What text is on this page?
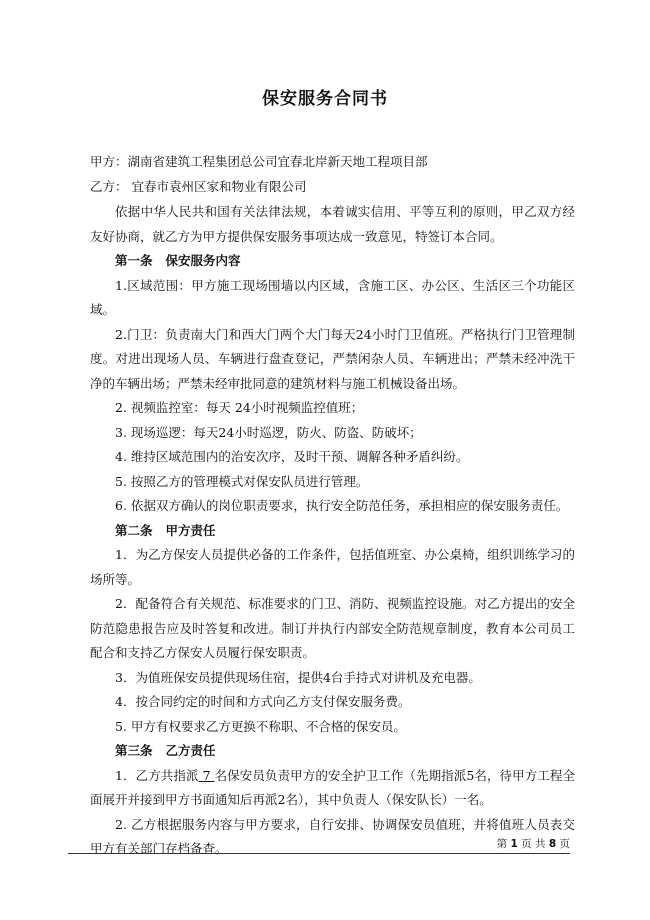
保安服务合同书

甲方：湖南省建筑工程集团总公司宜春北岸新天地工程项目部

乙方： 宜春市袁州区家和物业有限公司

依据中华人民共和国有关法律法规，本着诚实信用、平等互利的原则，甲乙双方经友好协商，就乙方为甲方提供保安服务事项达成一致意见，特签订本合同。

第一条   保安服务内容

1.区域范围：甲方施工现场围墙以内区域，含施工区、办公区、生活区三个功能区域。

2.门卫：负责南大门和西大门两个大门每天24小时门卫值班。严格执行门卫管理制度。对进出现场人员、车辆进行盘查登记，严禁闲杂人员、车辆进出；严禁未经冲洗干净的车辆出场；严禁未经审批同意的建筑材料与施工机械设备出场。

2. 视频监控室：每天 24小时视频监控值班；

3. 现场巡逻：每天24小时巡逻，防火、防盗、防破坏；

4. 维持区域范围内的治安次序，及时干预、调解各种矛盾纠纷。

5. 按照乙方的管理模式对保安队员进行管理。

6. 依据双方确认的岗位职责要求，执行安全防范任务，承担相应的保安服务责任。

第二条   甲方责任

1．为乙方保安人员提供必备的工作条件，包括值班室、办公桌椅，组织训练学习的场所等。

2．配备符合有关规范、标准要求的门卫、消防、视频监控设施。对乙方提出的安全防范隐患报告应及时答复和改进。制订并执行内部安全防范规章制度，教育本公司员工配合和支持乙方保安人员履行保安职责。

3．为值班保安员提供现场住宿，提供4台手持式对讲机及充电器。

4．按合同约定的时间和方式向乙方支付保安服务费。

5. 甲方有权要求乙方更换不称职、不合格的保安员。

第三条   乙方责任

1．乙方共指派 7 名保安员负责甲方的安全护卫工作（先期指派5名，待甲方工程全面展开并接到甲方书面通知后再派2名），其中负责人（保安队长）一名。

2. 乙方根据服务内容与甲方要求，自行安排、协调保安员值班，并将值班人员表交甲方有关部门存档备查。	第 1 页 共 8 页
